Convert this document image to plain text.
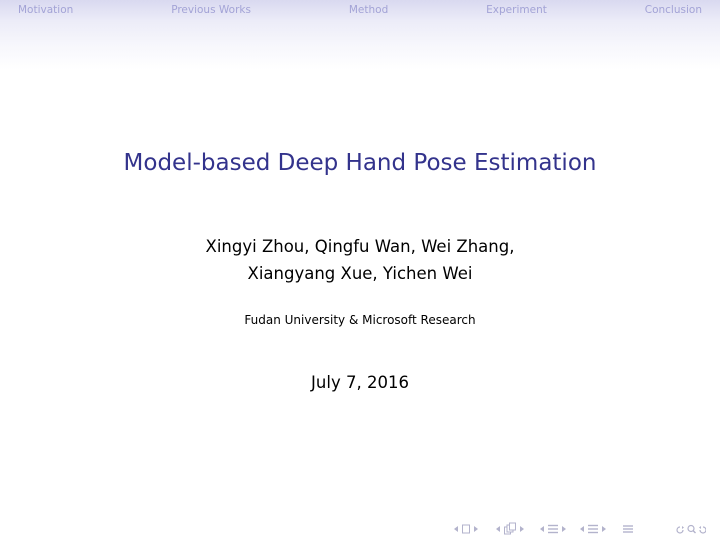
Motivation	Previous Works	Method	Experiment	Conclusion
Model-based Deep Hand Pose Estimation
Xingyi Zhou, Qingfu Wan, Wei Zhang,
Xiangyang Xue, Yichen Wei
Fudan University & Microsoft Research
July 7, 2016
